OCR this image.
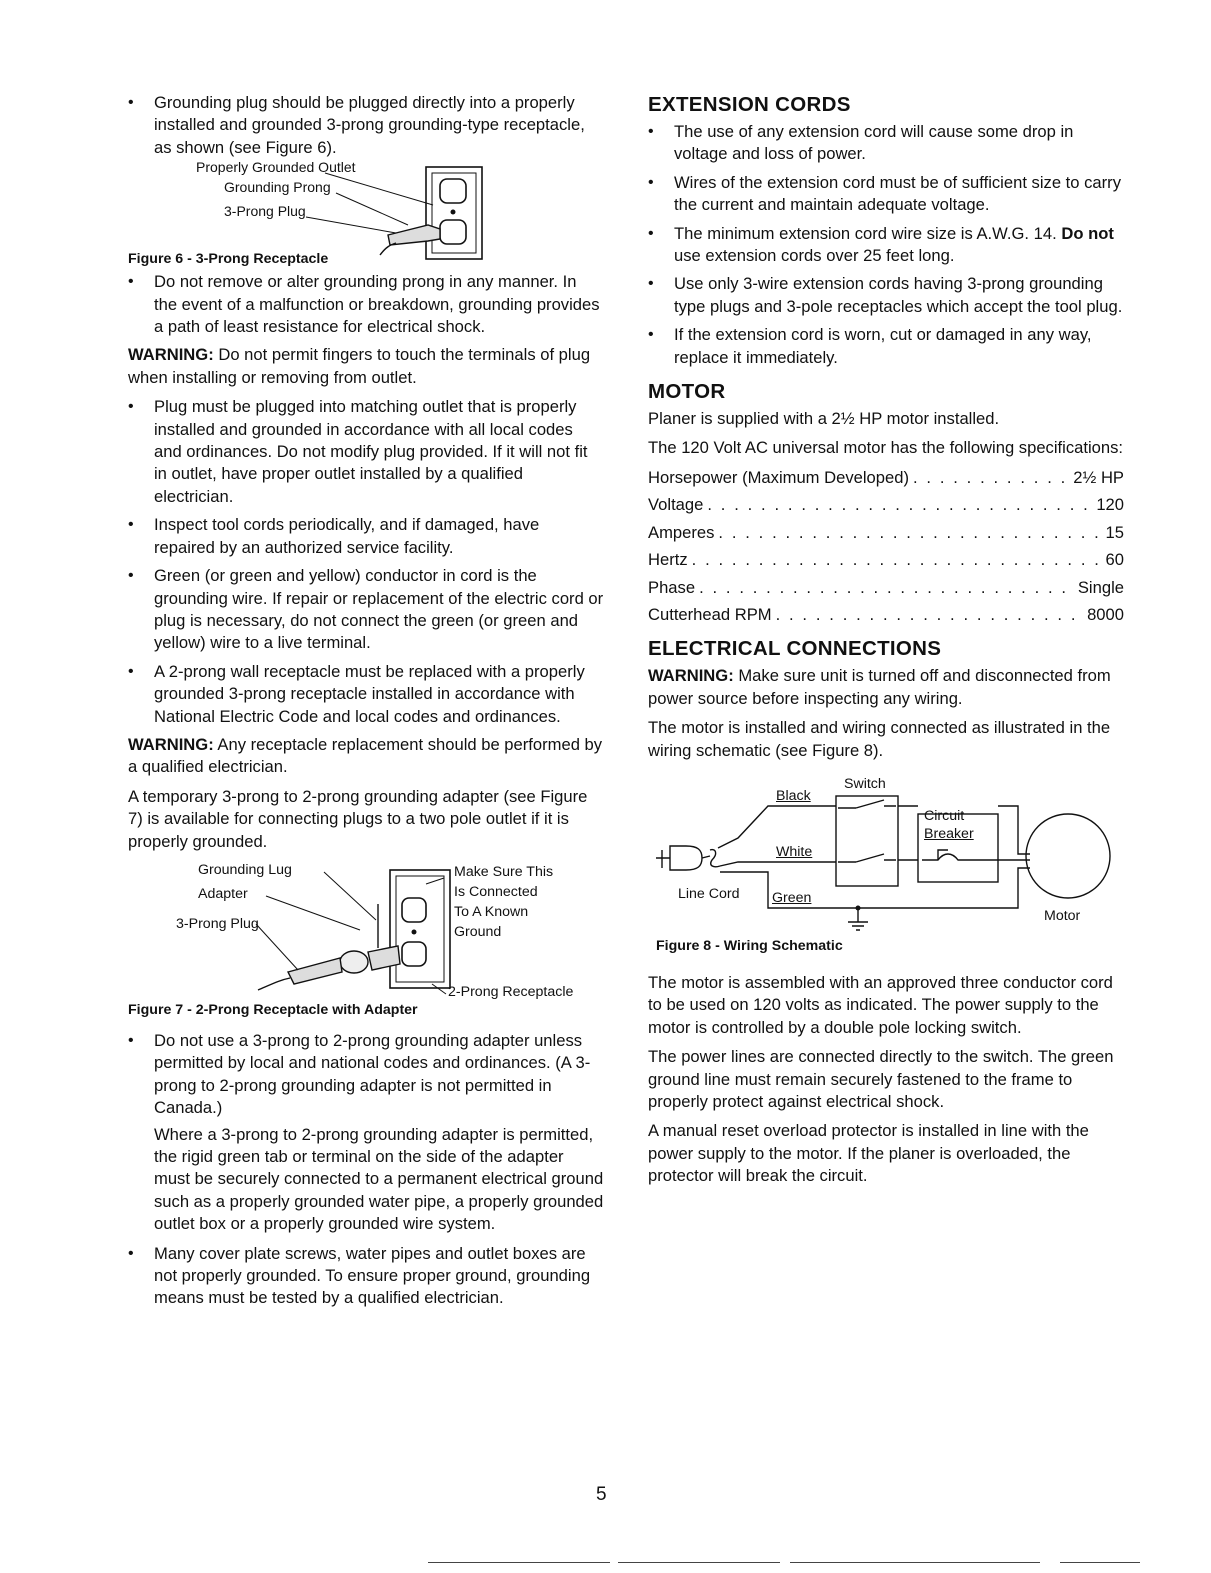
• Grounding plug should be plugged directly into a properly installed and grounded 3-prong grounding-type receptacle, as shown (see Figure 6).
Properly Grounded Outlet
Grounding Prong
3-Prong Plug
Figure 6 - 3-Prong Receptacle
• Do not remove or alter grounding prong in any manner. In the event of a malfunction or breakdown, grounding provides a path of least resistance for electrical shock.

WARNING: Do not permit fingers to touch the terminals of plug when installing or removing from outlet.

• Plug must be plugged into matching outlet that is properly installed and grounded in accordance with all local codes and ordinances. Do not modify plug provided. If it will not fit in outlet, have proper outlet installed by a qualified electrician.
• Inspect tool cords periodically, and if damaged, have repaired by an authorized service facility.
• Green (or green and yellow) conductor in cord is the grounding wire. If repair or replacement of the electric cord or plug is necessary, do not connect the green (or green and yellow) wire to a live terminal.
• A 2-prong wall receptacle must be replaced with a properly grounded 3-prong receptacle installed in accordance with National Electric Code and local codes and ordinances.

WARNING: Any receptacle replacement should be performed by a qualified electrician.

A temporary 3-prong to 2-prong grounding adapter (see Figure 7) is available for connecting plugs to a two pole outlet if it is properly grounded.

Grounding Lug
Adapter
3-Prong Plug
Make Sure This
Is Connected
To A Known
Ground
2-Prong Receptacle
Figure 7 - 2-Prong Receptacle with Adapter
• Do not use a 3-prong to 2-prong grounding adapter unless permitted by local and national codes and ordinances. (A 3-prong to 2-prong grounding adapter is not permitted in Canada.)
Where a 3-prong to 2-prong grounding adapter is permitted, the rigid green tab or terminal on the side of the adapter must be securely connected to a permanent electrical ground such as a properly grounded water pipe, a properly grounded outlet box or a properly grounded wire system.
• Many cover plate screws, water pipes and outlet boxes are not properly grounded. To ensure proper ground, grounding means must be tested by a qualified electrician.
EXTENSION CORDS
• The use of any extension cord will cause some drop in voltage and loss of power.
• Wires of the extension cord must be of sufficient size to carry the current and maintain adequate voltage.
• The minimum extension cord wire size is A.W.G. 14. Do not use extension cords over 25 feet long.
• Use only 3-wire extension cords having 3-prong grounding type plugs and 3-pole receptacles which accept the tool plug.
• If the extension cord is worn, cut or damaged in any way, replace it immediately.
MOTOR

Planer is supplied with a 2½ HP motor installed.

The 120 Volt AC universal motor has the following specifications:

Horsepower (Maximum Developed) . . .	2½ HP
Voltage . . .	120
Amperes . . .	15
Hertz . . .	60
Phase . . .	Single
Cutterhead RPM . . .	8000
ELECTRICAL CONNECTIONS

WARNING: Make sure unit is turned off and disconnected from power source before inspecting any wiring.

The motor is installed and wiring connected as illustrated in the wiring schematic (see Figure 8).

Switch
Black
White
Green
Circuit
Breaker
Line Cord
Motor
Figure 8 - Wiring Schematic

The motor is assembled with an approved three conductor cord to be used on 120 volts as indicated. The power supply to the motor is controlled by a double pole locking switch.

The power lines are connected directly to the switch. The green ground line must remain securely fastened to the frame to properly protect against electrical shock.

A manual reset overload protector is installed in line with the power supply to the motor. If the planer is overloaded, the protector will break the circuit.

5
